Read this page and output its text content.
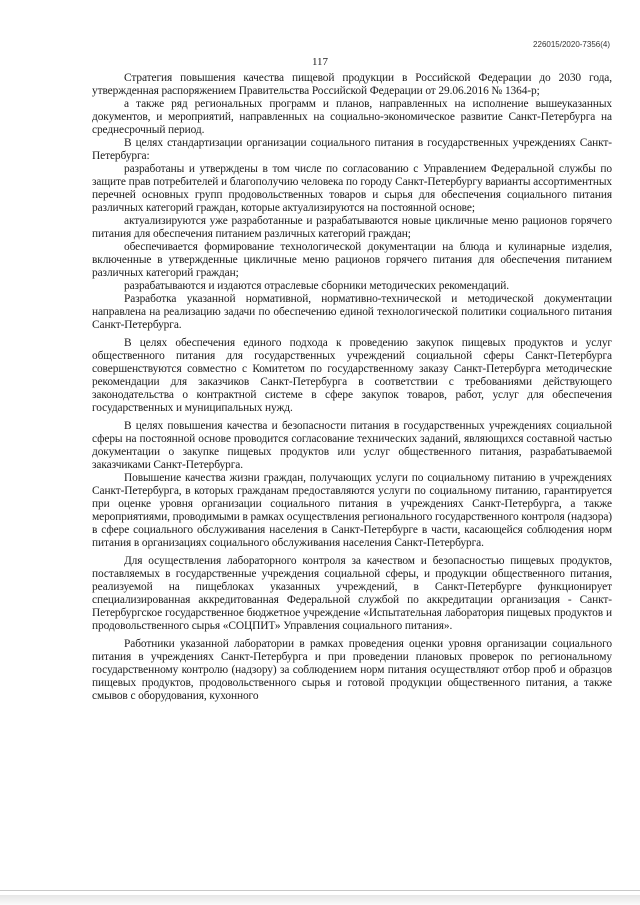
226015/2020-7356(4)
117

Стратегия повышения качества пищевой продукции в Российской Федерации до 2030 года, утвержденная распоряжением Правительства Российской Федерации от 29.06.2016 № 1364-р;

а также ряд региональных программ и планов, направленных на исполнение вышеуказанных документов, и мероприятий, направленных на социально-экономическое развитие Санкт-Петербурга на среднесрочный период.

В целях стандартизации организации социального питания в государственных учреждениях Санкт-Петербурга:

разработаны и утверждены в том числе по согласованию с Управлением Федеральной службы по защите прав потребителей и благополучию человека по городу Санкт-Петербургу варианты ассортиментных перечней основных групп продовольственных товаров и сырья для обеспечения социального питания различных категорий граждан, которые актуализируются на постоянной основе;

актуализируются уже разработанные и разрабатываются новые цикличные меню рационов горячего питания для обеспечения питанием различных категорий граждан;

обеспечивается формирование технологической документации на блюда и кулинарные изделия, включенные в утвержденные цикличные меню рационов горячего питания для обеспечения питанием различных категорий граждан;

разрабатываются и издаются отраслевые сборники методических рекомендаций.

Разработка указанной нормативной, нормативно-технической и методической документации направлена на реализацию задачи по обеспечению единой технологической политики социального питания Санкт-Петербурга.

В целях обеспечения единого подхода к проведению закупок пищевых продуктов и услуг общественного питания для государственных учреждений социальной сферы Санкт-Петербурга совершенствуются совместно с Комитетом по государственному заказу Санкт-Петербурга методические рекомендации для заказчиков Санкт-Петербурга в соответствии с требованиями действующего законодательства о контрактной системе в сфере закупок товаров, работ, услуг для обеспечения государственных и муниципальных нужд.

В целях повышения качества и безопасности питания в государственных учреждениях социальной сферы на постоянной основе проводится согласование технических заданий, являющихся составной частью документации о закупке пищевых продуктов или услуг общественного питания, разрабатываемой заказчиками Санкт-Петербурга.

Повышение качества жизни граждан, получающих услуги по социальному питанию в учреждениях Санкт-Петербурга, в которых гражданам предоставляются услуги по социальному питанию, гарантируется при оценке уровня организации социального питания в учреждениях Санкт-Петербурга, а также мероприятиями, проводимыми в рамках осуществления регионального государственного контроля (надзора) в сфере социального обслуживания населения в Санкт-Петербурге в части, касающейся соблюдения норм питания в организациях социального обслуживания населения Санкт-Петербурга.

Для осуществления лабораторного контроля за качеством и безопасностью пищевых продуктов, поставляемых в государственные учреждения социальной сферы, и продукции общественного питания, реализуемой на пищеблоках указанных учреждений, в Санкт-Петербурге функционирует специализированная аккредитованная Федеральной службой по аккредитации организация - Санкт-Петербургское государственное бюджетное учреждение «Испытательная лаборатория пищевых продуктов и продовольственного сырья «СОЦПИТ» Управления социального питания».

Работники указанной лаборатории в рамках проведения оценки уровня организации социального питания в учреждениях Санкт-Петербурга и при проведении плановых проверок по региональному государственному контролю (надзору) за соблюдением норм питания осуществляют отбор проб и образцов пищевых продуктов, продовольственного сырья и готовой продукции общественного питания, а также смывов с оборудования, кухонного
